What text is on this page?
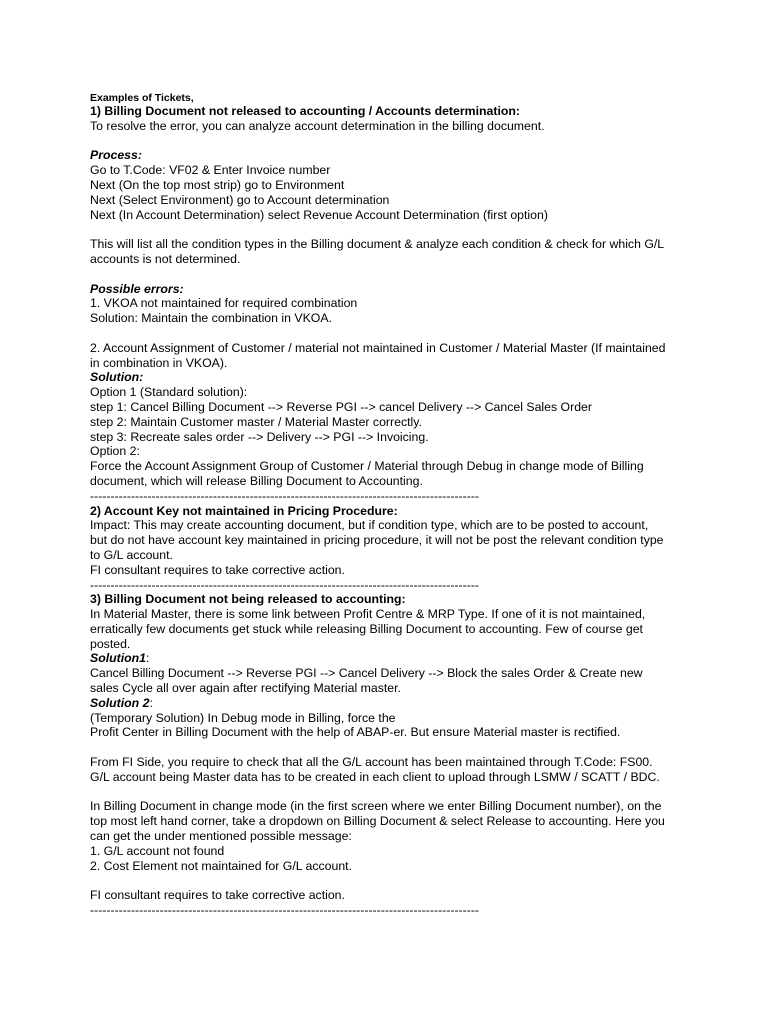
Examples of Tickets,
1) Billing Document not released to accounting / Accounts determination:
To resolve the error, you can analyze account determination in the billing document.
Process:
Go to T.Code: VF02 & Enter Invoice number
Next (On the top most strip) go to Environment
Next (Select Environment) go to Account determination
Next (In Account Determination) select Revenue Account Determination (first option)
This will list all the condition types in the Billing document & analyze each condition & check for which G/L
accounts is not determined.
Possible errors:
1. VKOA not maintained for required combination
Solution: Maintain the combination in VKOA.
2. Account Assignment of Customer / material not maintained in Customer / Material Master (If maintained
in combination in VKOA).
Solution:
Option 1 (Standard solution):
step 1: Cancel Billing Document --> Reverse PGI --> cancel Delivery --> Cancel Sales Order
step 2: Maintain Customer master / Material Master correctly.
step 3: Recreate sales order --> Delivery --> PGI --> Invoicing.
Option 2:
Force the Account Assignment Group of Customer / Material through Debug in change mode of Billing
document, which will release Billing Document to Accounting.
-----------------------------------------------------------------------------------------------
2) Account Key not maintained in Pricing Procedure:
Impact: This may create accounting document, but if condition type, which are to be posted to account,
but do not have account key maintained in pricing procedure, it will not be post the relevant condition type
to G/L account.
FI consultant requires to take corrective action.
-----------------------------------------------------------------------------------------------
3) Billing Document not being released to accounting:
In Material Master, there is some link between Profit Centre & MRP Type. If one of it is not maintained,
erratically few documents get stuck while releasing Billing Document to accounting. Few of course get
posted.
Solution1:
Cancel Billing Document --> Reverse PGI --> Cancel Delivery --> Block the sales Order & Create new
sales Cycle all over again after rectifying Material master.
Solution 2:
(Temporary Solution) In Debug mode in Billing, force the
Profit Center in Billing Document with the help of ABAP-er. But ensure Material master is rectified.
From FI Side, you require to check that all the G/L account has been maintained through T.Code: FS00.
G/L account being Master data has to be created in each client to upload through LSMW / SCATT / BDC.
In Billing Document in change mode (in the first screen where we enter Billing Document number), on the
top most left hand corner, take a dropdown on Billing Document & select Release to accounting. Here you
can get the under mentioned possible message:
1. G/L account not found
2. Cost Element not maintained for G/L account.
FI consultant requires to take corrective action.
-----------------------------------------------------------------------------------------------
